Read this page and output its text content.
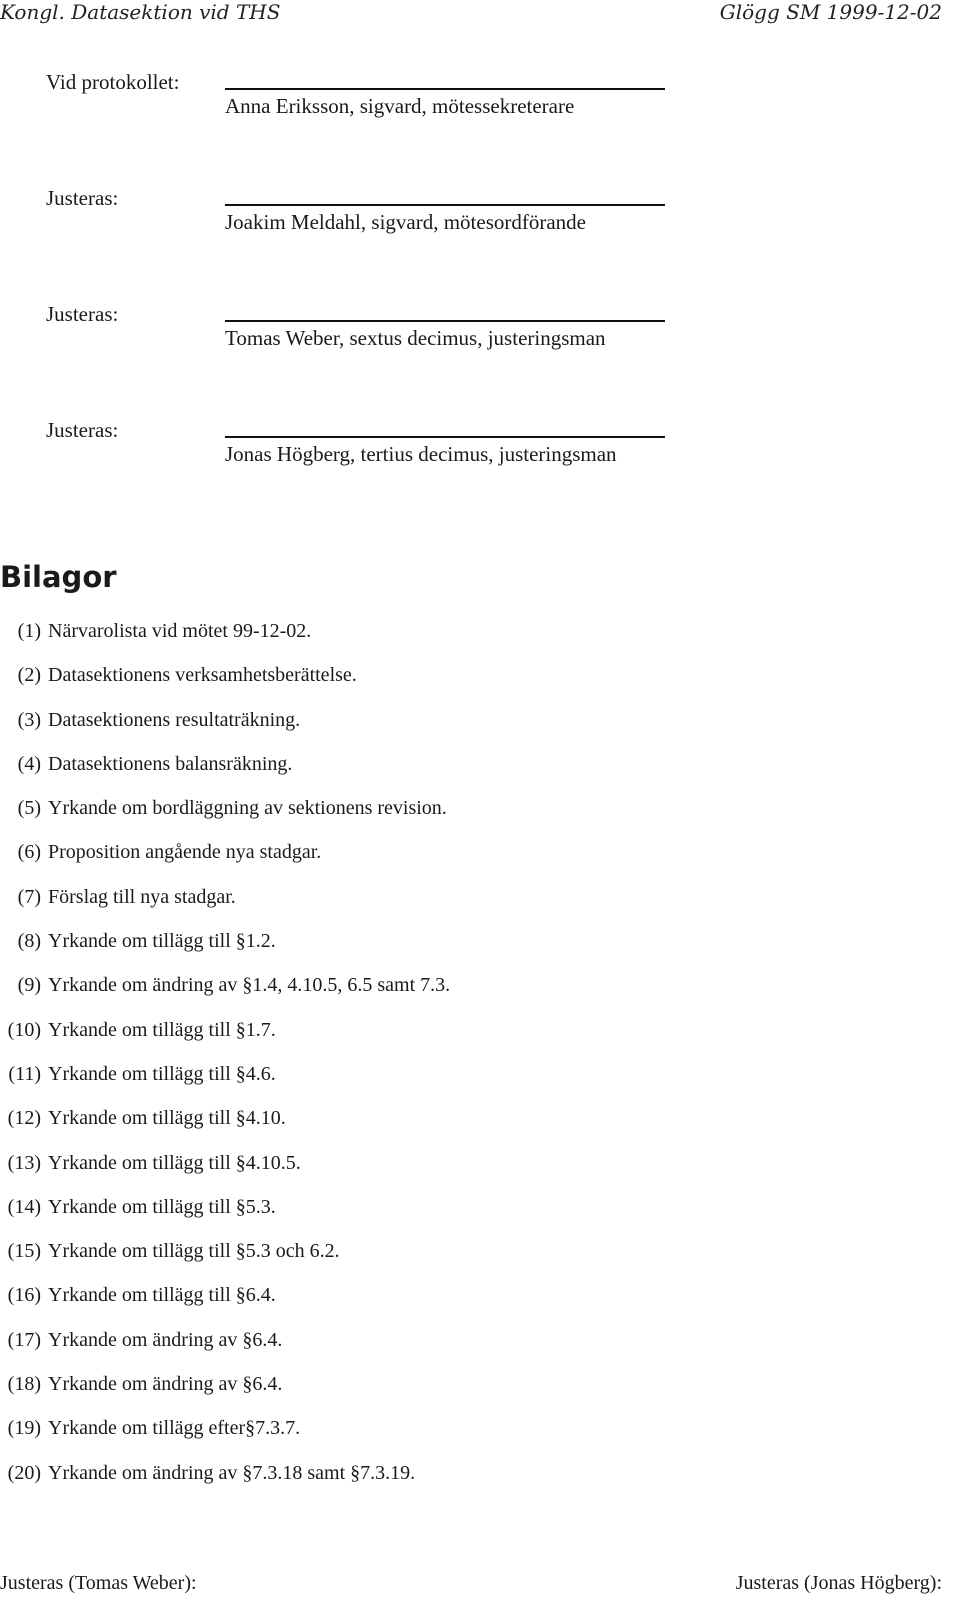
Kongl. Datasektion vid THS	Glögg SM 1999-12-02
Vid protokollet:
Anna Eriksson, sigvard, mötessekreterare
Justeras:
Joakim Meldahl, sigvard, mötesordförande
Justeras:
Tomas Weber, sextus decimus, justeringsman
Justeras:
Jonas Högberg, tertius decimus, justeringsman
Bilagor
(1) Närvarolista vid mötet 99-12-02.
(2) Datasektionens verksamhetsberättelse.
(3) Datasektionens resultaträkning.
(4) Datasektionens balansräkning.
(5) Yrkande om bordläggning av sektionens revision.
(6) Proposition angående nya stadgar.
(7) Förslag till nya stadgar.
(8) Yrkande om tillägg till §1.2.
(9) Yrkande om ändring av §1.4, 4.10.5, 6.5 samt 7.3.
(10) Yrkande om tillägg till §1.7.
(11) Yrkande om tillägg till §4.6.
(12) Yrkande om tillägg till §4.10.
(13) Yrkande om tillägg till §4.10.5.
(14) Yrkande om tillägg till §5.3.
(15) Yrkande om tillägg till §5.3 och 6.2.
(16) Yrkande om tillägg till §6.4.
(17) Yrkande om ändring av §6.4.
(18) Yrkande om ändring av §6.4.
(19) Yrkande om tillägg efter§7.3.7.
(20) Yrkande om ändring av §7.3.18 samt §7.3.19.
Justeras (Tomas Weber):	Justeras (Jonas Högberg):
